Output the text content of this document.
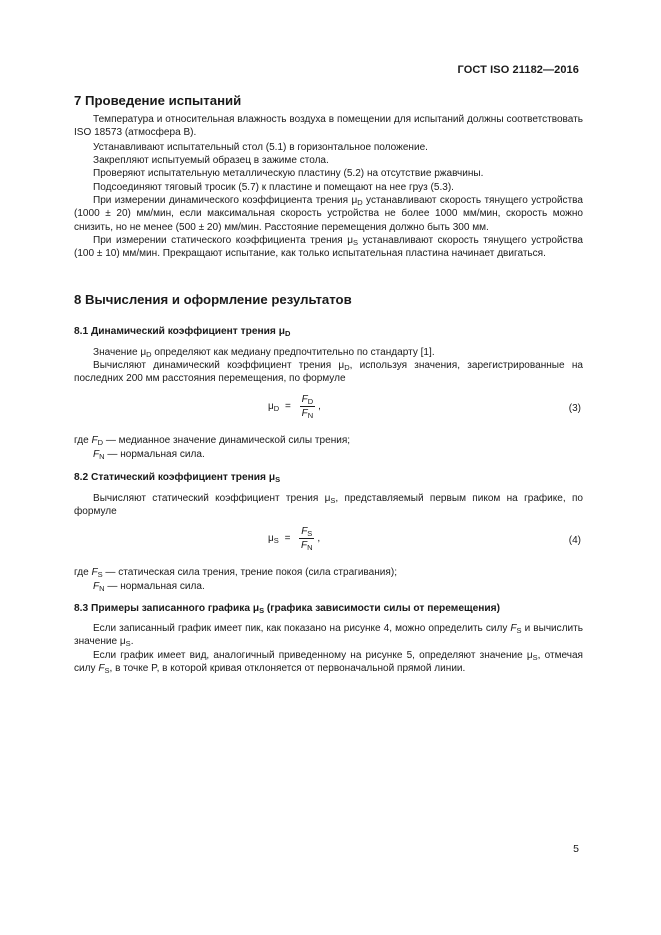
ГОСТ ISO 21182—2016
7 Проведение испытаний

Температура и относительная влажность воздуха в помещении для испытаний должны соответствовать ISO 18573 (атмосфера В).
Устанавливают испытательный стол (5.1) в горизонтальное положение.
Закрепляют испытуемый образец в зажиме стола.
Проверяют испытательную металлическую пластину (5.2) на отсутствие ржавчины.
Подсоединяют тяговый тросик (5.7) к пластине и помещают на нее груз (5.3).
При измерении динамического коэффициента трения μD устанавливают скорость тянущего устройства (1000 ± 20) мм/мин, если максимальная скорость устройства не более 1000 мм/мин, скорость можно снизить, но не менее (500 ± 20) мм/мин. Расстояние перемещения должно быть 300 мм.
При измерении статического коэффициента трения μS устанавливают скорость тянущего устройства (100 ± 10) мм/мин. Прекращают испытание, как только испытательная пластина начинает двигаться.
8 Вычисления и оформление результатов
8.1 Динамический коэффициент трения μD
Значение μD определяют как медиану предпочтительно по стандарту [1].
Вычисляют динамический коэффициент трения μD, используя значения, зарегистрированные на последних 200 мм расстояния перемещения, по формуле
$\mu_D = \frac{F_D}{F_N}$ ,	(3)
где FD — медианное значение динамической силы трения;
FN — нормальная сила.
8.2 Статический коэффициент трения μS
Вычисляют статический коэффициент трения μS, представляемый первым пиком на графике, по формуле
$\mu_S = \frac{F_S}{F_N}$ ,	(4)
где FS — статическая сила трения, трение покоя (сила страгивания);
FN — нормальная сила.
8.3 Примеры записанного графика μS (графика зависимости силы от перемещения)
Если записанный график имеет пик, как показано на рисунке 4, можно определить силу FS и вычислить значение μS.
Если график имеет вид, аналогичный приведенному на рисунке 5, определяют значение μS, отмечая силу FS, в точке P, в которой кривая отклоняется от первоначальной прямой линии.
5
